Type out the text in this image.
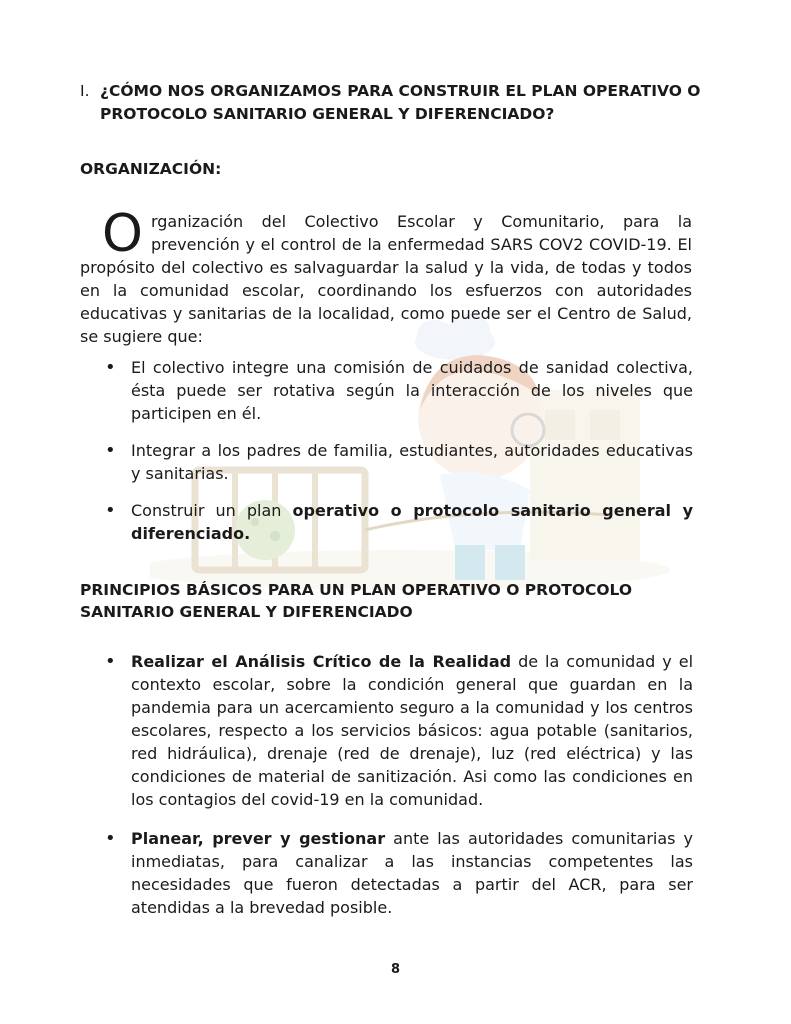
I. ¿CÓMO NOS ORGANIZAMOS PARA CONSTRUIR EL PLAN OPERATIVO O PROTOCOLO SANITARIO GENERAL Y DIFERENCIADO?
ORGANIZACIÓN:
Organización del Colectivo Escolar y Comunitario, para la prevención y el control de la enfermedad SARS COV2 COVID-19. El propósito del colectivo es salvaguardar la salud y la vida, de todas y todos en la comunidad escolar, coordinando los esfuerzos con autoridades educativas y sanitarias de la localidad, como puede ser el Centro de Salud, se sugiere que:
• El colectivo integre una comisión de cuidados de sanidad colectiva, ésta puede ser rotativa según la interacción de los niveles que participen en él.
• Integrar a los padres de familia, estudiantes, autoridades educativas y sanitarias.
• Construir un plan operativo o protocolo sanitario general y diferenciado.
PRINCIPIOS BÁSICOS PARA UN PLAN OPERATIVO O PROTOCOLO SANITARIO GENERAL Y DIFERENCIADO
• Realizar el Análisis Crítico de la Realidad de la comunidad y el contexto escolar, sobre la condición general que guardan en la pandemia para un acercamiento seguro a la comunidad y los centros escolares, respecto a los servicios básicos: agua potable (sanitarios, red hidráulica), drenaje (red de drenaje), luz (red eléctrica) y las condiciones de material de sanitización. Asi como las condiciones en los contagios del covid-19 en la comunidad.
• Planear, prever y gestionar ante las autoridades comunitarias y inmediatas, para canalizar a las instancias competentes las necesidades que fueron detectadas a partir del ACR, para ser atendidas a la brevedad posible.
8
